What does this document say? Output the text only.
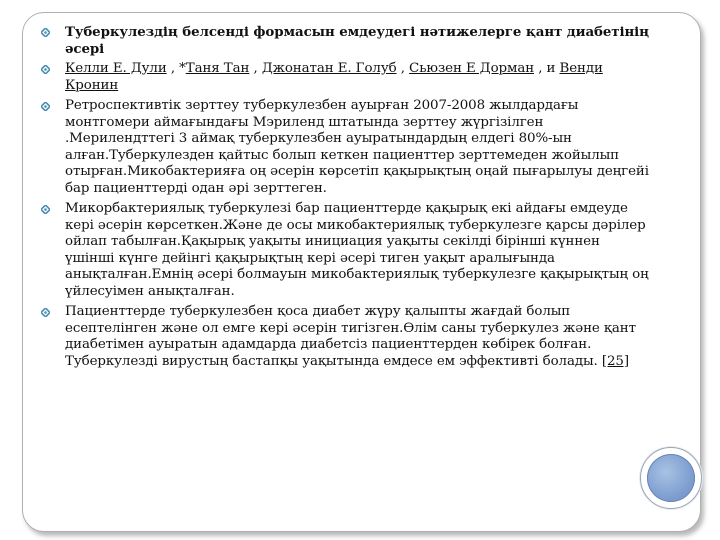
Туберкулездің белсенді формасын емдеудегі нәтижелерге қант диабетінің әсері
Келли Е. Дули , *Таня Тан , Джонатан Е. Голуб , Сьюзен Е Дорман , и Венди Кронин
Ретроспективтік зерттеу туберкулезбен ауырған 2007-2008 жылдардағы монтгомери аймағындағы Мэриленд штатында зерттеу жүргізілген .Мерилендттегі 3 аймақ туберкулезбен ауыратындардың елдегі 80%-ын алған.Туберкулезден қайтыс болып кеткен пациенттер зерттемеден жойылып отырған.Микобактерияға оң әсерін көрсетіп қақырықтың оңай пығарылуы деңгейі бар пациенттерді одан әрі зерттеген.
Микорбактериялық туберкулезі бар пациенттерде қақырық екі айдағы емдеуде кері әсерін көрсеткен.Және де осы микобактериялық туберкулезге қарсы дәрілер ойлап табылған.Қақырық уақыты инициация уақыты секілді бірінші күннен үшінші күнге дейінгі қақырықтың кері әсері тиген уақыт аралығында анықталған.Емнің әсері болмауын микобактериялық туберкулезге қақырықтың оң үйлесуімен анықталған.
Пациенттерде туберкулезбен қоса диабет жүру қалыпты жағдай болып есептелінген және ол емге кері әсерін тигізген.Өлім саны туберкулез және қант диабетімен ауыратын адамдарда диабетсіз пациенттерден көбірек болған. Туберкулезді вирустың бастапқы уақытында емдесе ем эффективті болады. [25]
